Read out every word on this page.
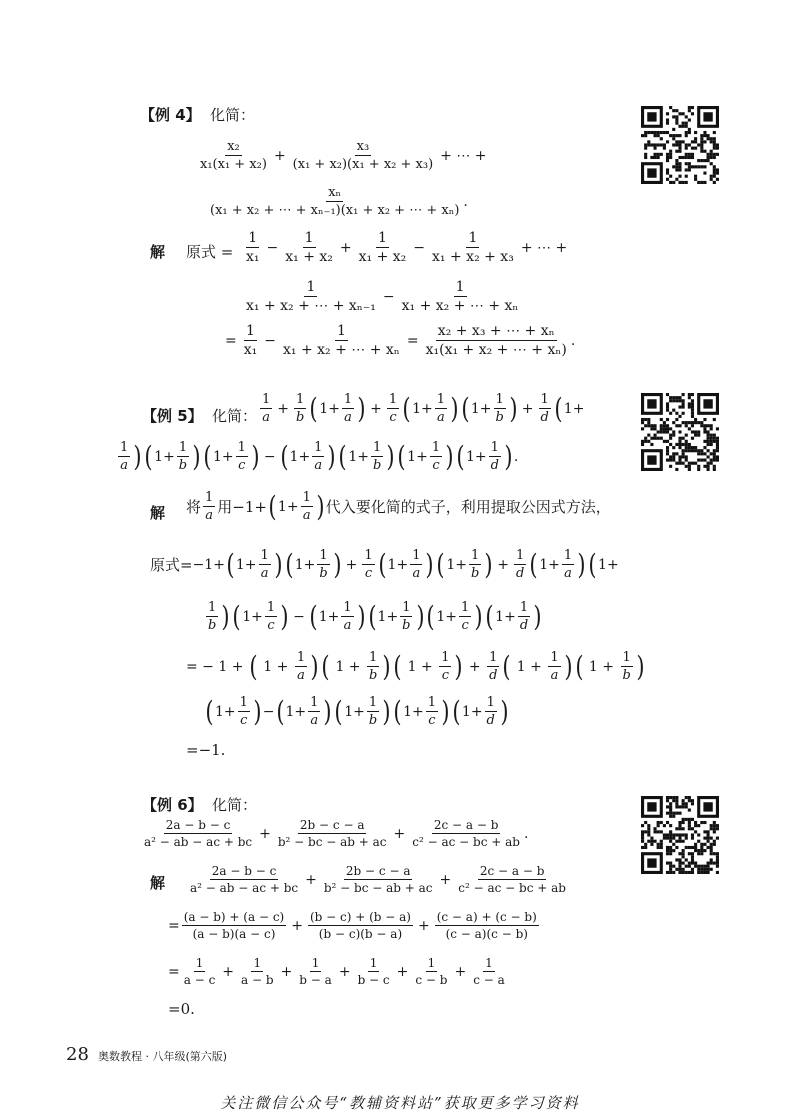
【例 4】 化简：
$\frac{\text{x₂}}{\text{x₁(x₁ + x₂)}} + \frac{\text{x₃}}{\text{(x₁ + x₂)(x₁ + x₂ + x₃)}}$ + ⋯ +
$\frac{\text{xₙ}}{\text{(x₁ + x₂ + ⋯ + xₙ₋₁)(x₁ + x₂ + ⋯ + xₙ)}}$ .
解 原式 = $\frac{1}{\text{x₁}} - \frac{1}{\text{x₁ + x₂}} + \frac{1}{\text{x₁ + x₂}} - \frac{1}{\text{x₁ + x₂ + x₃}}$ + ⋯ +
$\frac{1}{\text{x₁ + x₂ + ⋯ + xₙ₋₁}} - \frac{1}{\text{x₁ + x₂ + ⋯ + xₙ}}$
= $\frac{1}{\text{x₁}} - \frac{1}{\text{x₁ + x₂ + ⋯ + xₙ}} = \frac{\text{x₂ + x₃ + ⋯ + xₙ}}{\text{x₁(x₁ + x₂ + ⋯ + xₙ)}}$ .
【例 5】 化简： $\frac{1}{a} + \frac{1}{b}$ ( $1+ \frac{1}{a}$ ) + $\frac{1}{c}$ ( $1+ \frac{1}{a}$ ) ( $1+ \frac{1}{b}$ ) + $\frac{1}{d}$ ( 1+
$\frac{1}{a}$ ) ( $1+ \frac{1}{b}$ ) ( $1+ \frac{1}{c}$ ) − ( $1+ \frac{1}{a}$ ) ( $1+ \frac{1}{b}$ ) ( $1+ \frac{1}{c}$ ) ( $1+ \frac{1}{d}$ ) .
解 将 $\frac{1}{a}$ 用−1+ ( $1+ \frac{1}{a}$ ) 代入要化简的式子，利用提取公因式方法，
原式= −1+ ( $1+ \frac{1}{a}$ ) ( $1+ \frac{1}{b}$ ) + $\frac{1}{c}$ ( $1+ \frac{1}{a}$ ) ( $1+ \frac{1}{b}$ ) + $\frac{1}{d}$ ( $1+ \frac{1}{a}$ ) ( 1+
$\frac{1}{b}$ ) ( $1+ \frac{1}{c}$ ) − ( $1+ \frac{1}{a}$ ) ( $1+ \frac{1}{b}$ ) ( $1+ \frac{1}{c}$ ) ( $1+ \frac{1}{d}$ )
= − 1 + ( $1 + \frac{1}{a}$ ) ( $1 + \frac{1}{b}$ ) ( $1 + \frac{1}{c}$ ) + $\frac{1}{d}$ ( $1 + \frac{1}{a}$ ) ( $1 + \frac{1}{b}$ )
( $1+ \frac{1}{c}$ ) − ( $1+ \frac{1}{a}$ ) ( $1+ \frac{1}{b}$ ) ( $1+ \frac{1}{c}$ ) ( $1+ \frac{1}{d}$ )
=−1.
【例 6】 化简：
$\frac{2a - b - c}{\text{a² − ab − ac + bc}} + \frac{2b - c - a}{\text{b² − bc − ab + ac}} + \frac{2c - a - b}{\text{c² − ac − bc + ab}}$ .
解 $\frac{2a - b - c}{\text{a² − ab − ac + bc}} + \frac{2b - c - a}{\text{b² − bc − ab + ac}} + \frac{2c - a - b}{\text{c² − ac − bc + ab}}$
= $\frac{(a - b) + (a - c)}{(a - b)(a - c)} + \frac{(b - c) + (b - a)}{(b - c)(b - a)} + \frac{(c - a) + (c - b)}{(c - a)(c - b)}$
= $\frac{1}{a - c} + \frac{1}{a - b} + \frac{1}{b - a} + \frac{1}{b - c} + \frac{1}{c - b} + \frac{1}{c - a}$
=0.
28 奥数教程 · 八年级(第六版)
关注微信公众号“教辅资料站”获取更多学习资料
